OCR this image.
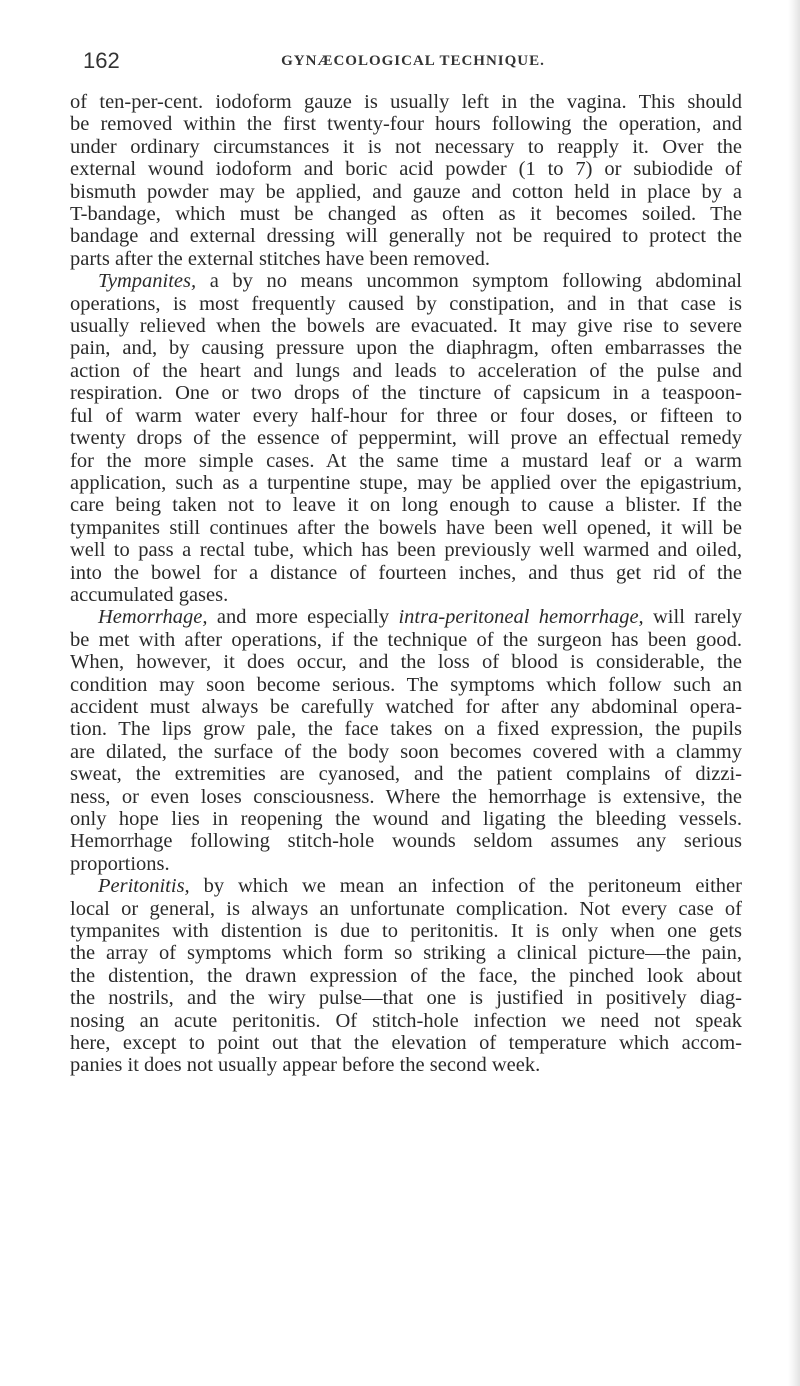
162	GYNÆCOLOGICAL TECHNIQUE.

of ten-per-cent. iodoform gauze is usually left in the vagina. This should
be removed within the first twenty-four hours following the operation, and
under ordinary circumstances it is not necessary to reapply it. Over the
external wound iodoform and boric acid powder (1 to 7) or subiodide of
bismuth powder may be applied, and gauze and cotton held in place by a
T-bandage, which must be changed as often as it becomes soiled. The
bandage and external dressing will generally not be required to protect the
parts after the external stitches have been removed.

Tympanites, a by no means uncommon symptom following abdominal
operations, is most frequently caused by constipation, and in that case is
usually relieved when the bowels are evacuated. It may give rise to severe
pain, and, by causing pressure upon the diaphragm, often embarrasses the
action of the heart and lungs and leads to acceleration of the pulse and
respiration. One or two drops of the tincture of capsicum in a teaspoon-
ful of warm water every half-hour for three or four doses, or fifteen to
twenty drops of the essence of peppermint, will prove an effectual remedy
for the more simple cases. At the same time a mustard leaf or a warm
application, such as a turpentine stupe, may be applied over the epigastrium,
care being taken not to leave it on long enough to cause a blister. If the
tympanites still continues after the bowels have been well opened, it will be
well to pass a rectal tube, which has been previously well warmed and oiled,
into the bowel for a distance of fourteen inches, and thus get rid of the
accumulated gases.

Hemorrhage, and more especially intra-peritoneal hemorrhage, will rarely
be met with after operations, if the technique of the surgeon has been good.
When, however, it does occur, and the loss of blood is considerable, the
condition may soon become serious. The symptoms which follow such an
accident must always be carefully watched for after any abdominal opera-
tion. The lips grow pale, the face takes on a fixed expression, the pupils
are dilated, the surface of the body soon becomes covered with a clammy
sweat, the extremities are cyanosed, and the patient complains of dizzi-
ness, or even loses consciousness. Where the hemorrhage is extensive, the
only hope lies in reopening the wound and ligating the bleeding vessels.
Hemorrhage following stitch-hole wounds seldom assumes any serious
proportions.

Peritonitis, by which we mean an infection of the peritoneum either
local or general, is always an unfortunate complication. Not every case of
tympanites with distention is due to peritonitis. It is only when one gets
the array of symptoms which form so striking a clinical picture—the pain,
the distention, the drawn expression of the face, the pinched look about
the nostrils, and the wiry pulse—that one is justified in positively diag-
nosing an acute peritonitis. Of stitch-hole infection we need not speak
here, except to point out that the elevation of temperature which accom-
panies it does not usually appear before the second week.
